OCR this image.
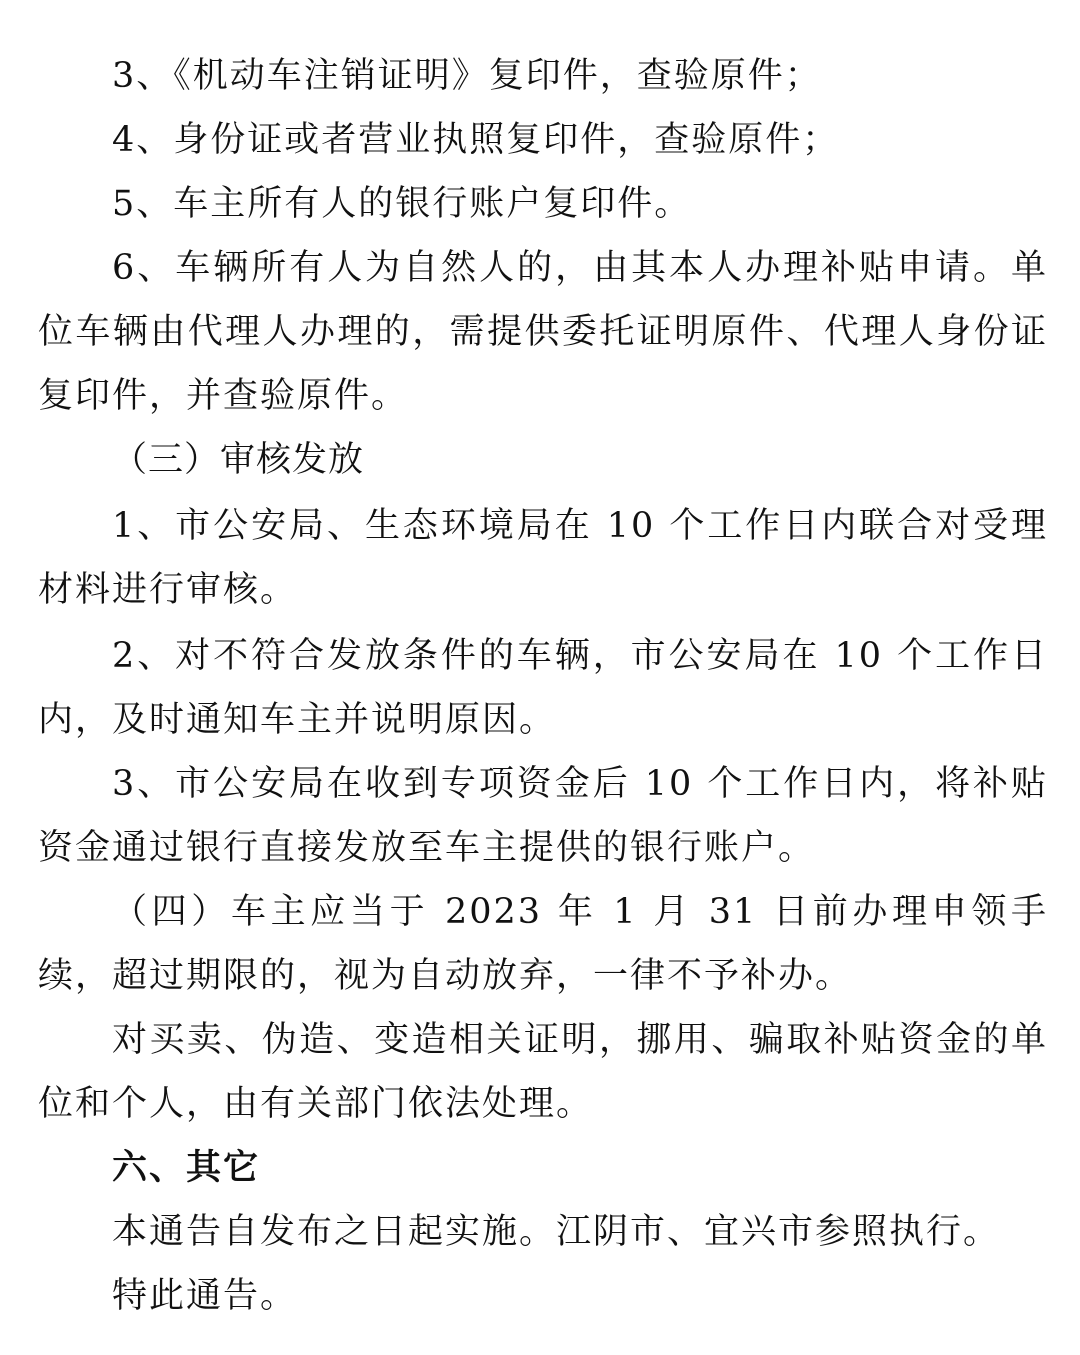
3、《机动车注销证明》复印件，查验原件；

4、身份证或者营业执照复印件，查验原件；

5、车主所有人的银行账户复印件。

6、车辆所有人为自然人的，由其本人办理补贴申请。单位车辆由代理人办理的，需提供委托证明原件、代理人身份证复印件，并查验原件。

（三）审核发放

1、市公安局、生态环境局在 10 个工作日内联合对受理材料进行审核。

2、对不符合发放条件的车辆，市公安局在 10 个工作日内，及时通知车主并说明原因。

3、市公安局在收到专项资金后 10 个工作日内，将补贴资金通过银行直接发放至车主提供的银行账户。

（四）车主应当于 2023 年 1 月 31 日前办理申领手续，超过期限的，视为自动放弃，一律不予补办。

对买卖、伪造、变造相关证明，挪用、骗取补贴资金的单位和个人，由有关部门依法处理。

六、其它

本通告自发布之日起实施。江阴市、宜兴市参照执行。

特此通告。
